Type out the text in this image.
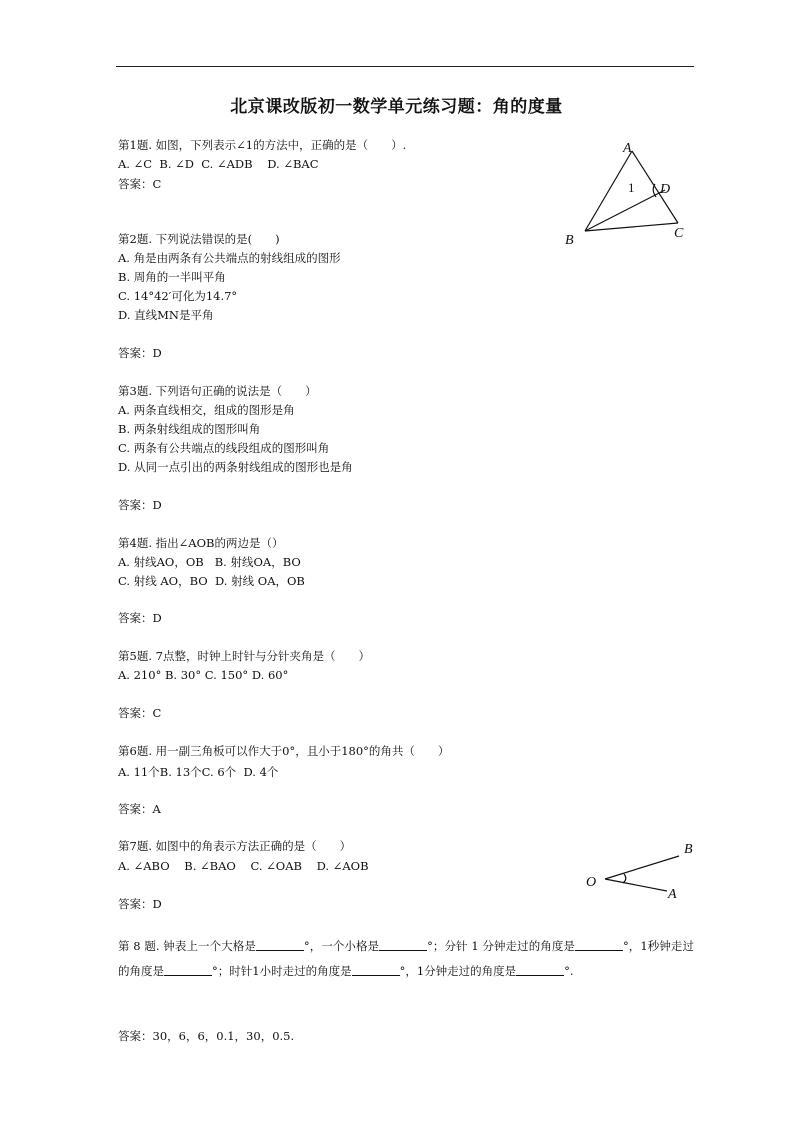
北京课改版初一数学单元练习题：角的度量
第1题. 如图，下列表示∠1的方法中，正确的是（　　）.
A. ∠C  B. ∠D  C. ∠ADB    D. ∠BAC
答案：C
第2题. 下列说法错误的是(　　)
A. 角是由两条有公共端点的射线组成的图形
B. 周角的一半叫平角
C. 14°42′可化为14.7°
D. 直线MN是平角
答案：D
第3题. 下列语句正确的说法是（　　）
A. 两条直线相交，组成的图形是角
B. 两条射线组成的图形叫角
C. 两条有公共端点的线段组成的图形叫角
D. 从同一点引出的两条射线组成的图形也是角
答案：D
第4题. 指出∠AOB的两边是（）
A. 射线AO，OB   B. 射线OA，BO
C. 射线 AO，BO  D. 射线 OA，OB
答案：D
第5题. 7点整，时钟上时针与分针夹角是（　　）
A. 210° B. 30° C. 150° D. 60°
答案：C
第6题. 用一副三角板可以作大于0°，且小于180°的角共（　　）
A. 11个B. 13个C. 6个  D. 4个
答案：A
第7题. 如图中的角表示方法正确的是（　　）
A. ∠ABO    B. ∠BAO    C. ∠OAB    D. ∠AOB
答案：D
第 8 题. 钟表上一个大格是	°，一个小格是	°；分针 1 分钟走过的角度是	°，1秒钟走过的角度是	°；时针1小时走过的角度是	°，1分钟走过的角度是	°.
答案：30，6，6，0.1，30，0.5.
A
B	C
D
1
O
B
A
